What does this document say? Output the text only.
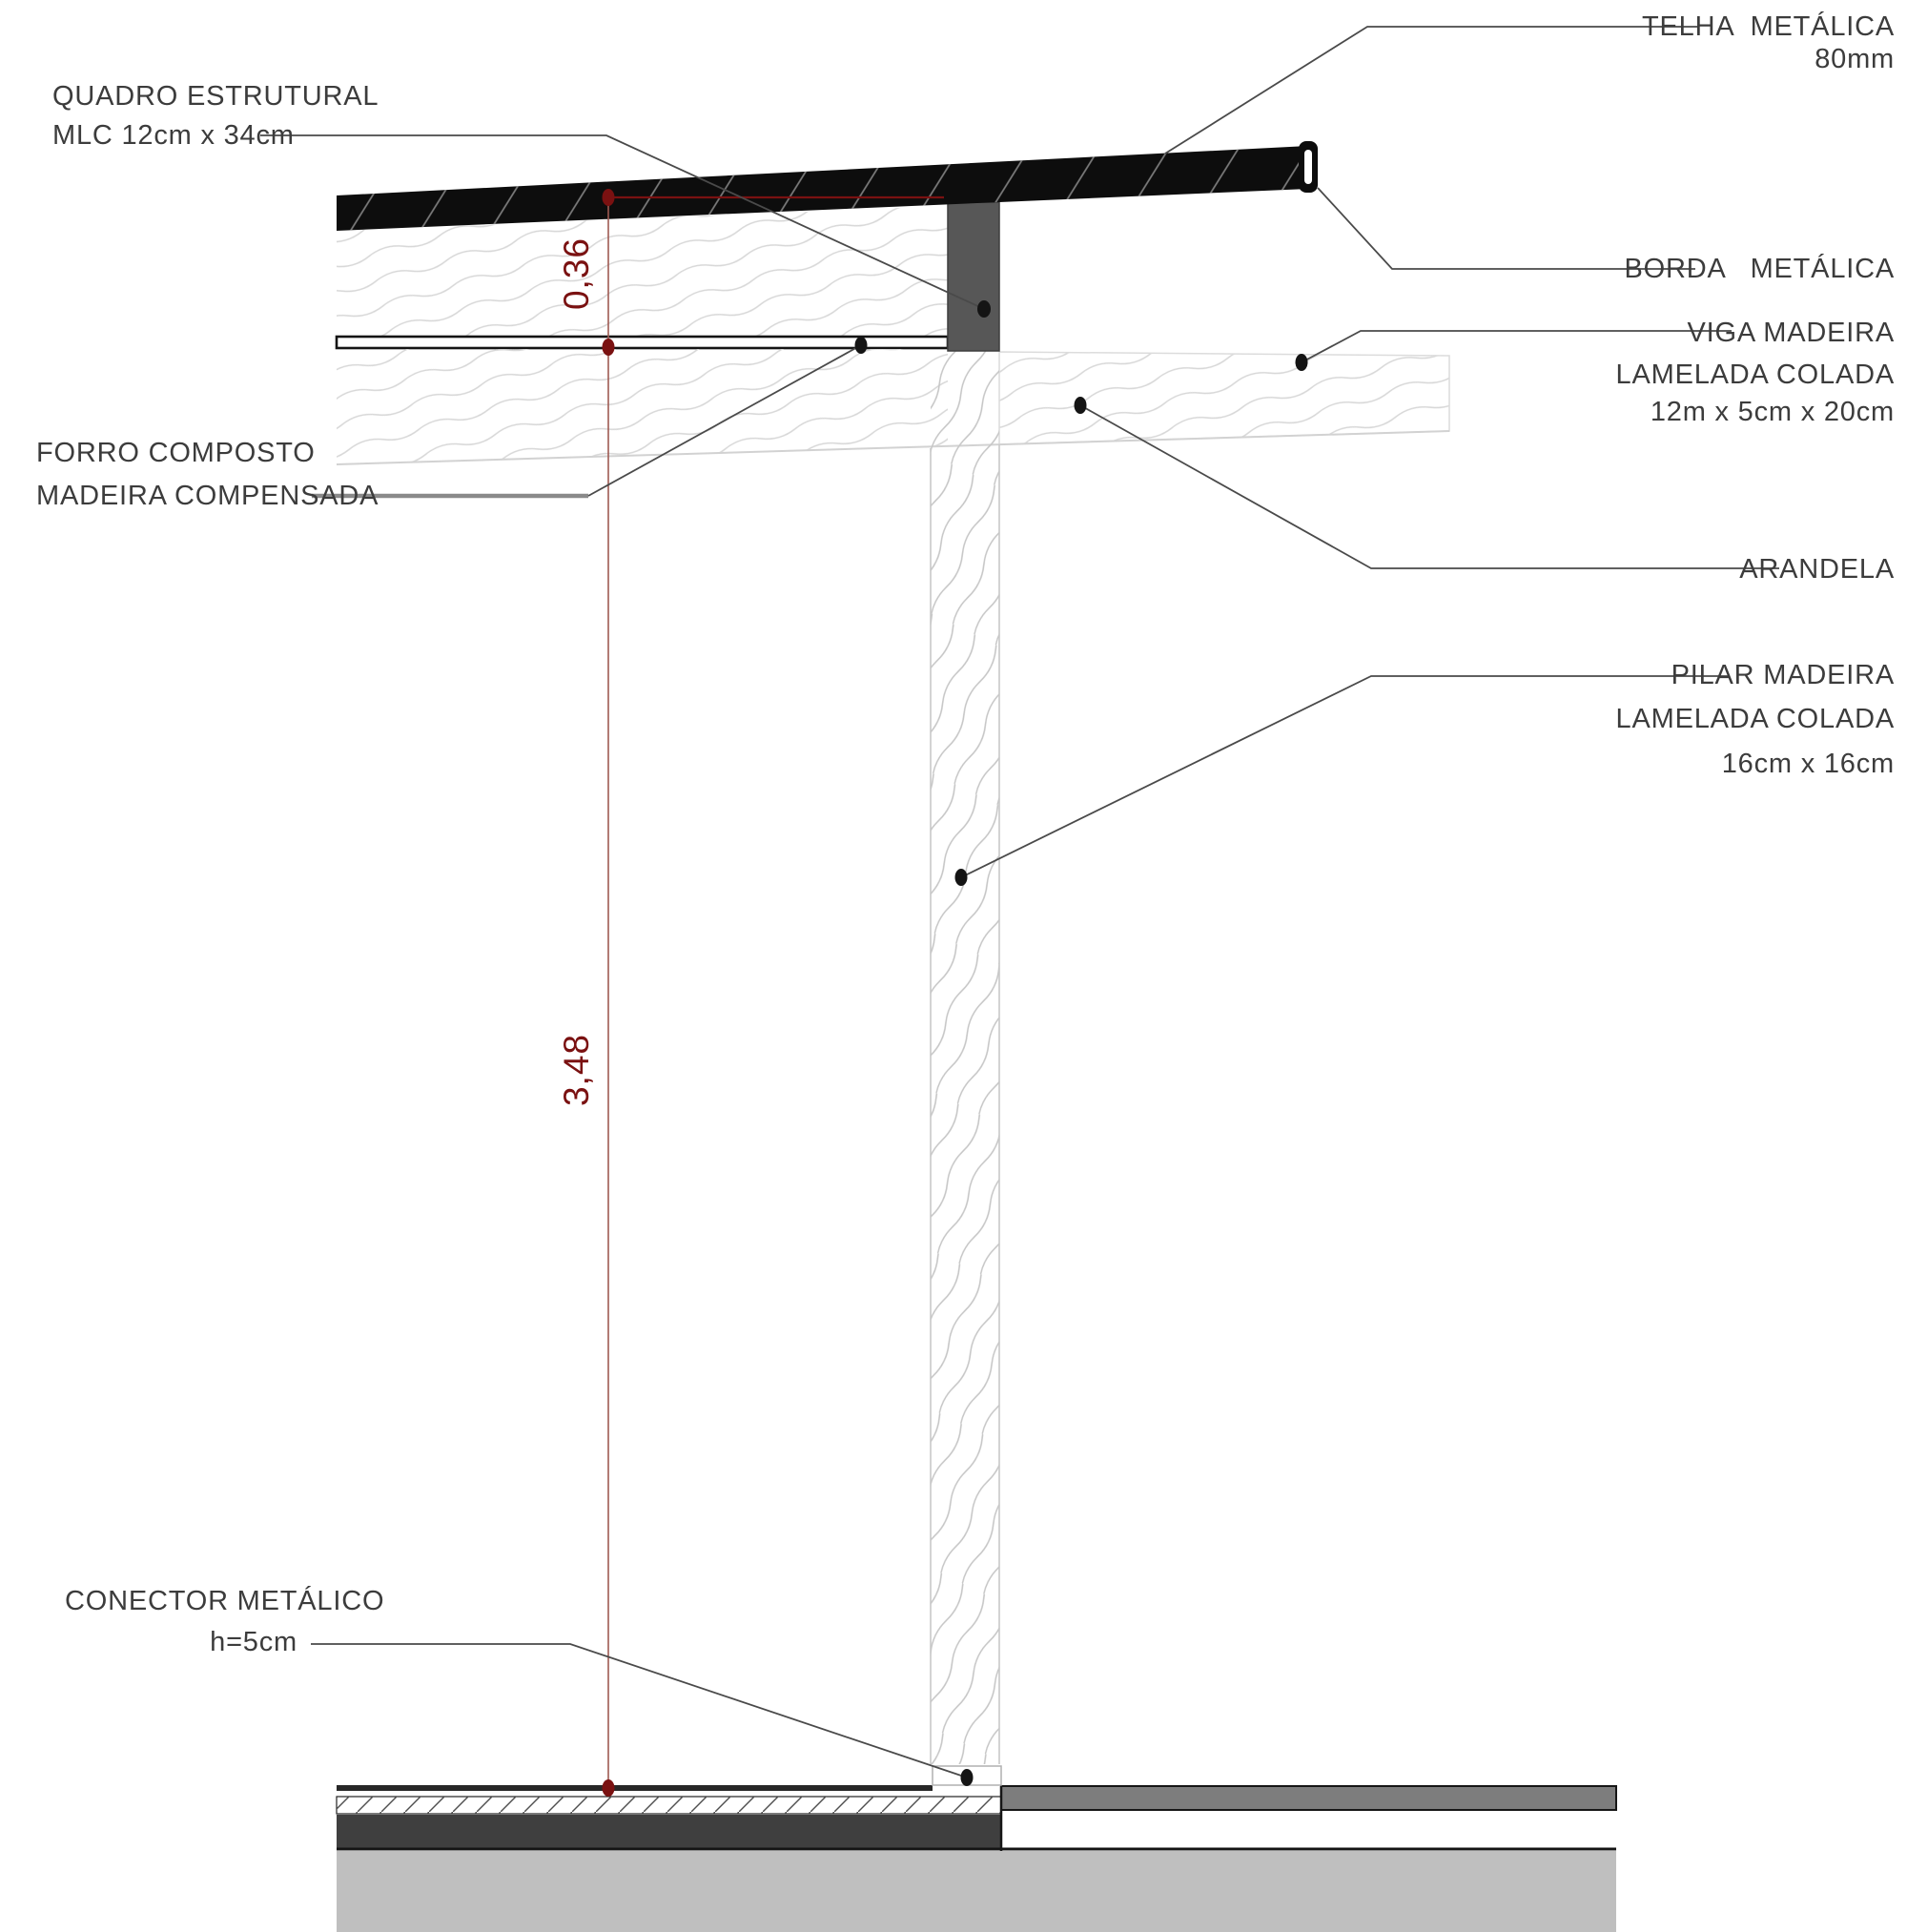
0,36
3,48
TELHA  METÁLICA
80mm
BORDA   METÁLICA
VIGA MADEIRA
LAMELADA COLADA
12m x 5cm x 20cm
ARANDELA
PILAR MADEIRA
LAMELADA COLADA
16cm x 16cm
QUADRO ESTRUTURAL
MLC 12cm x 34cm
FORRO COMPOSTO
MADEIRA COMPENSADA
CONECTOR METÁLICO
h=5cm
